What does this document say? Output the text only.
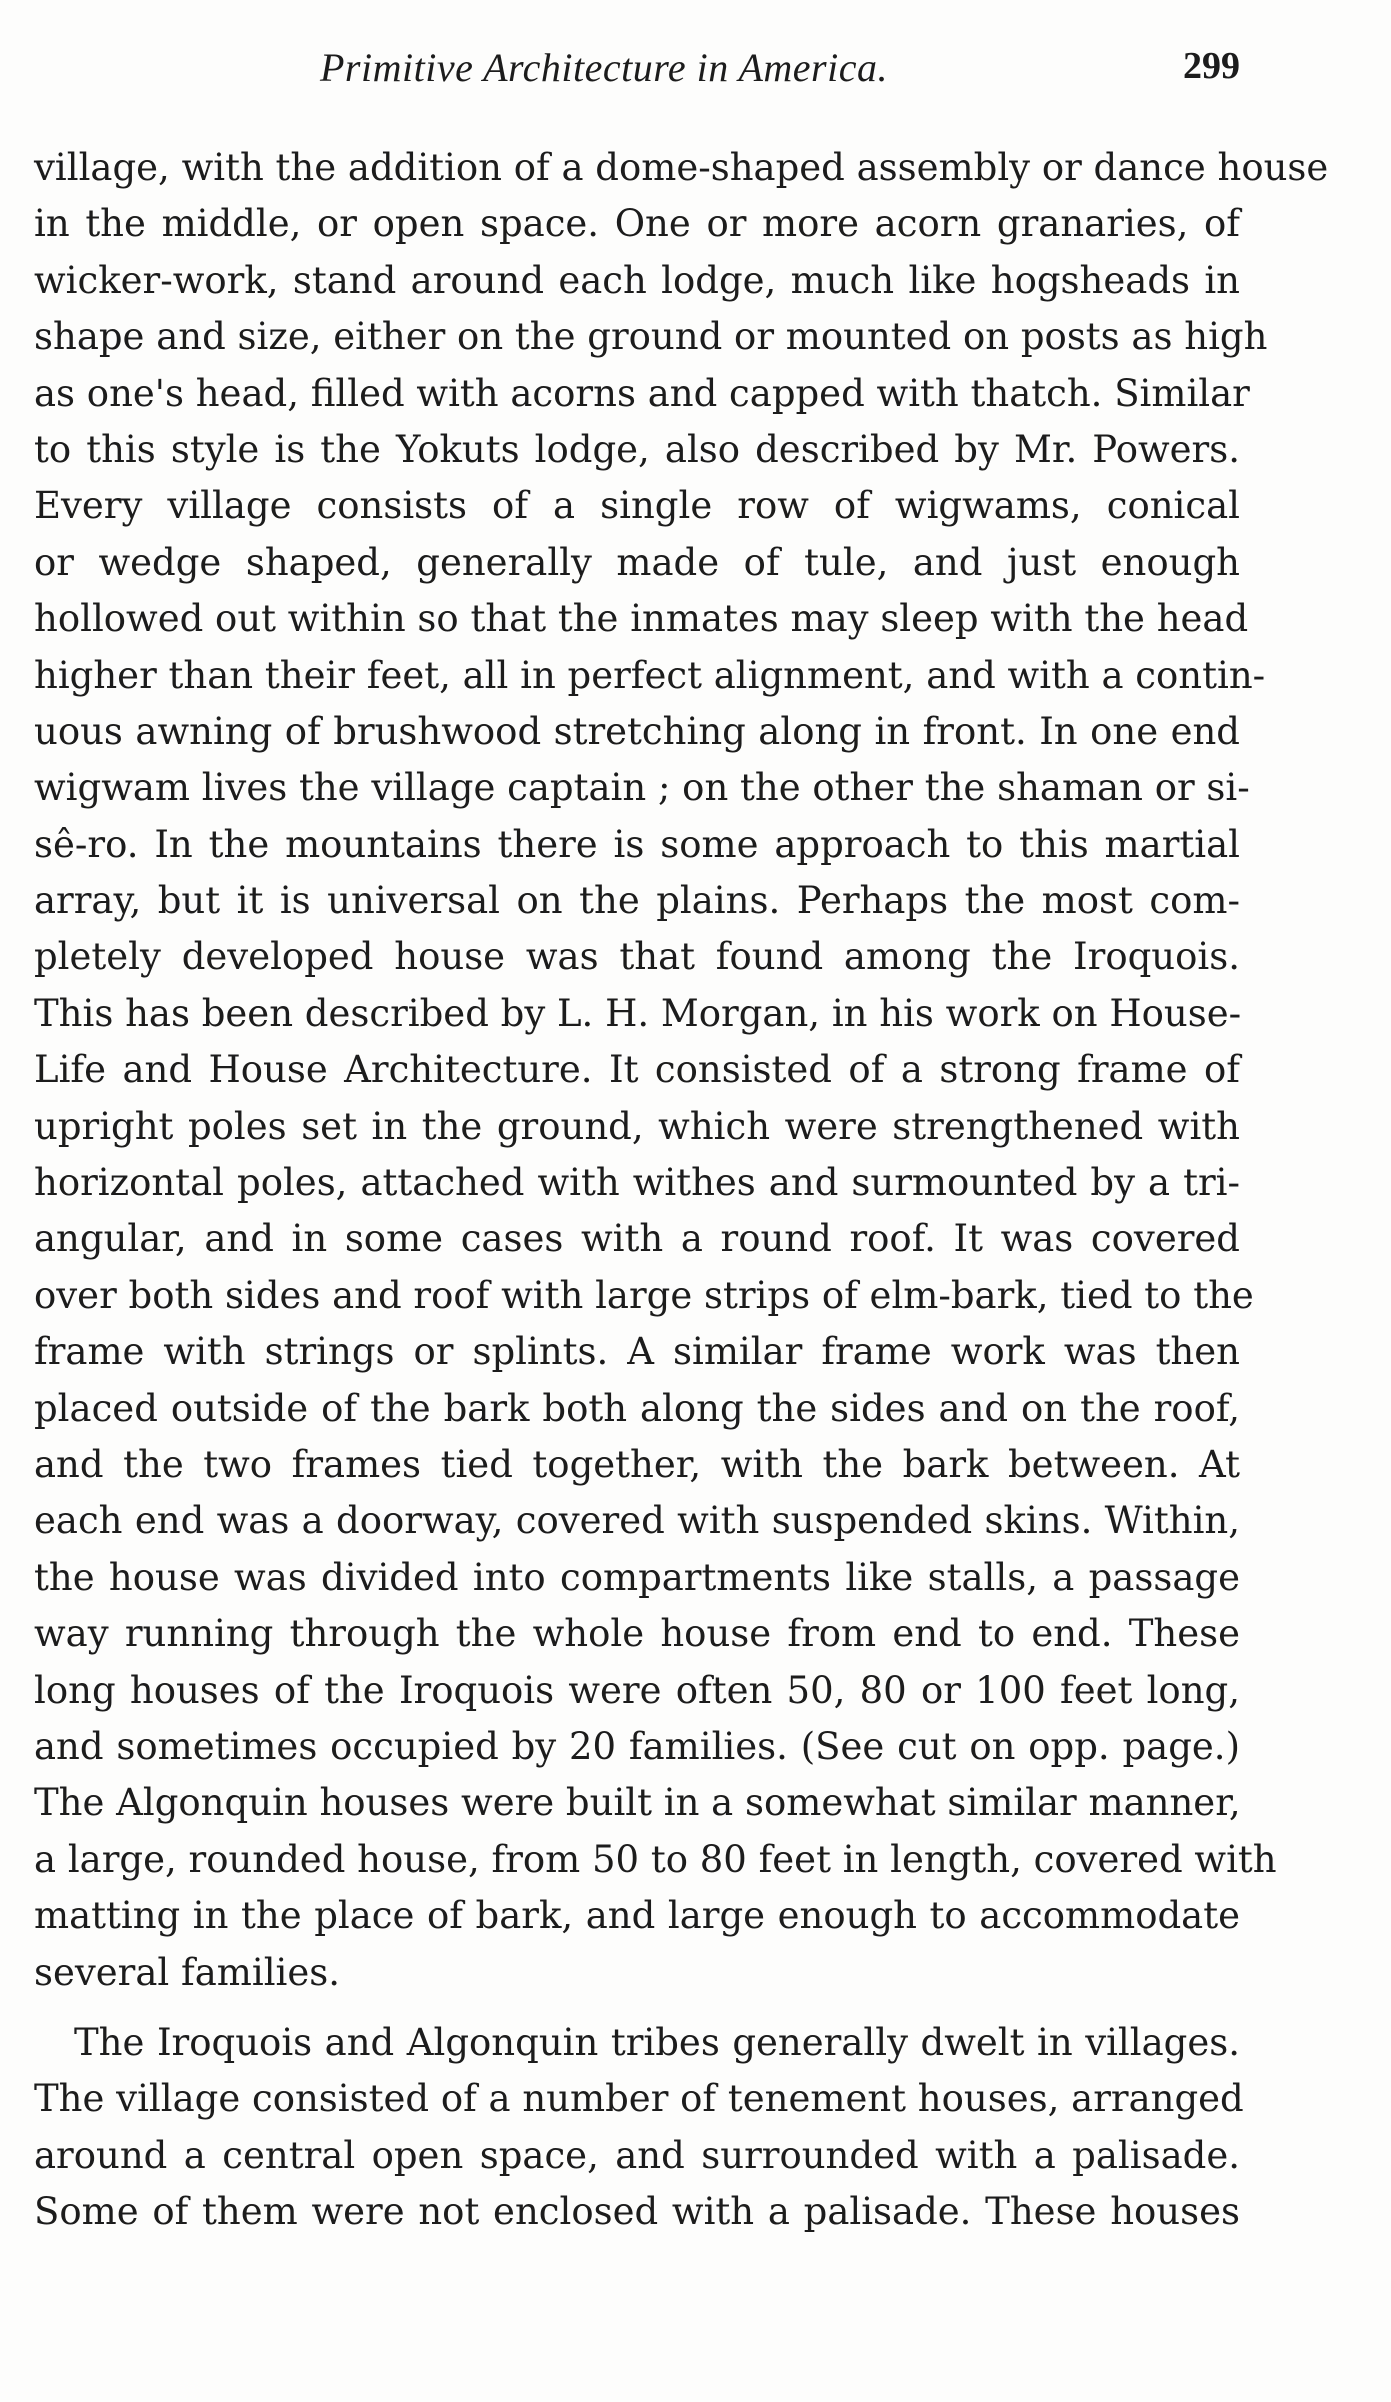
Primitive Architecture in America.	299
village, with the addition of a dome-shaped assembly or dance house
in the middle, or open space. One or more acorn granaries, of
wicker-work, stand around each lodge, much like hogsheads in
shape and size, either on the ground or mounted on posts as high
as one's head, filled with acorns and capped with thatch. Similar
to this style is the Yokuts lodge, also described by Mr. Powers.
Every village consists of a single row of wigwams, conical
or wedge shaped, generally made of tule, and just enough
hollowed out within so that the inmates may sleep with the head
higher than their feet, all in perfect alignment, and with a contin-
uous awning of brushwood stretching along in front. In one end
wigwam lives the village captain ; on the other the shaman or si-
sê-ro. In the mountains there is some approach to this martial
array, but it is universal on the plains. Perhaps the most com-
pletely developed house was that found among the Iroquois.
This has been described by L. H. Morgan, in his work on House-
Life and House Architecture. It consisted of a strong frame of
upright poles set in the ground, which were strengthened with
horizontal poles, attached with withes and surmounted by a tri-
angular, and in some cases with a round roof. It was covered
over both sides and roof with large strips of elm-bark, tied to the
frame with strings or splints. A similar frame work was then
placed outside of the bark both along the sides and on the roof,
and the two frames tied together, with the bark between. At
each end was a doorway, covered with suspended skins. Within,
the house was divided into compartments like stalls, a passage
way running through the whole house from end to end. These
long houses of the Iroquois were often 50, 80 or 100 feet long,
and sometimes occupied by 20 families. (See cut on opp. page.)
The Algonquin houses were built in a somewhat similar manner,
a large, rounded house, from 50 to 80 feet in length, covered with
matting in the place of bark, and large enough to accommodate
several families.
The Iroquois and Algonquin tribes generally dwelt in villages.
The village consisted of a number of tenement houses, arranged
around a central open space, and surrounded with a palisade.
Some of them were not enclosed with a palisade. These houses
